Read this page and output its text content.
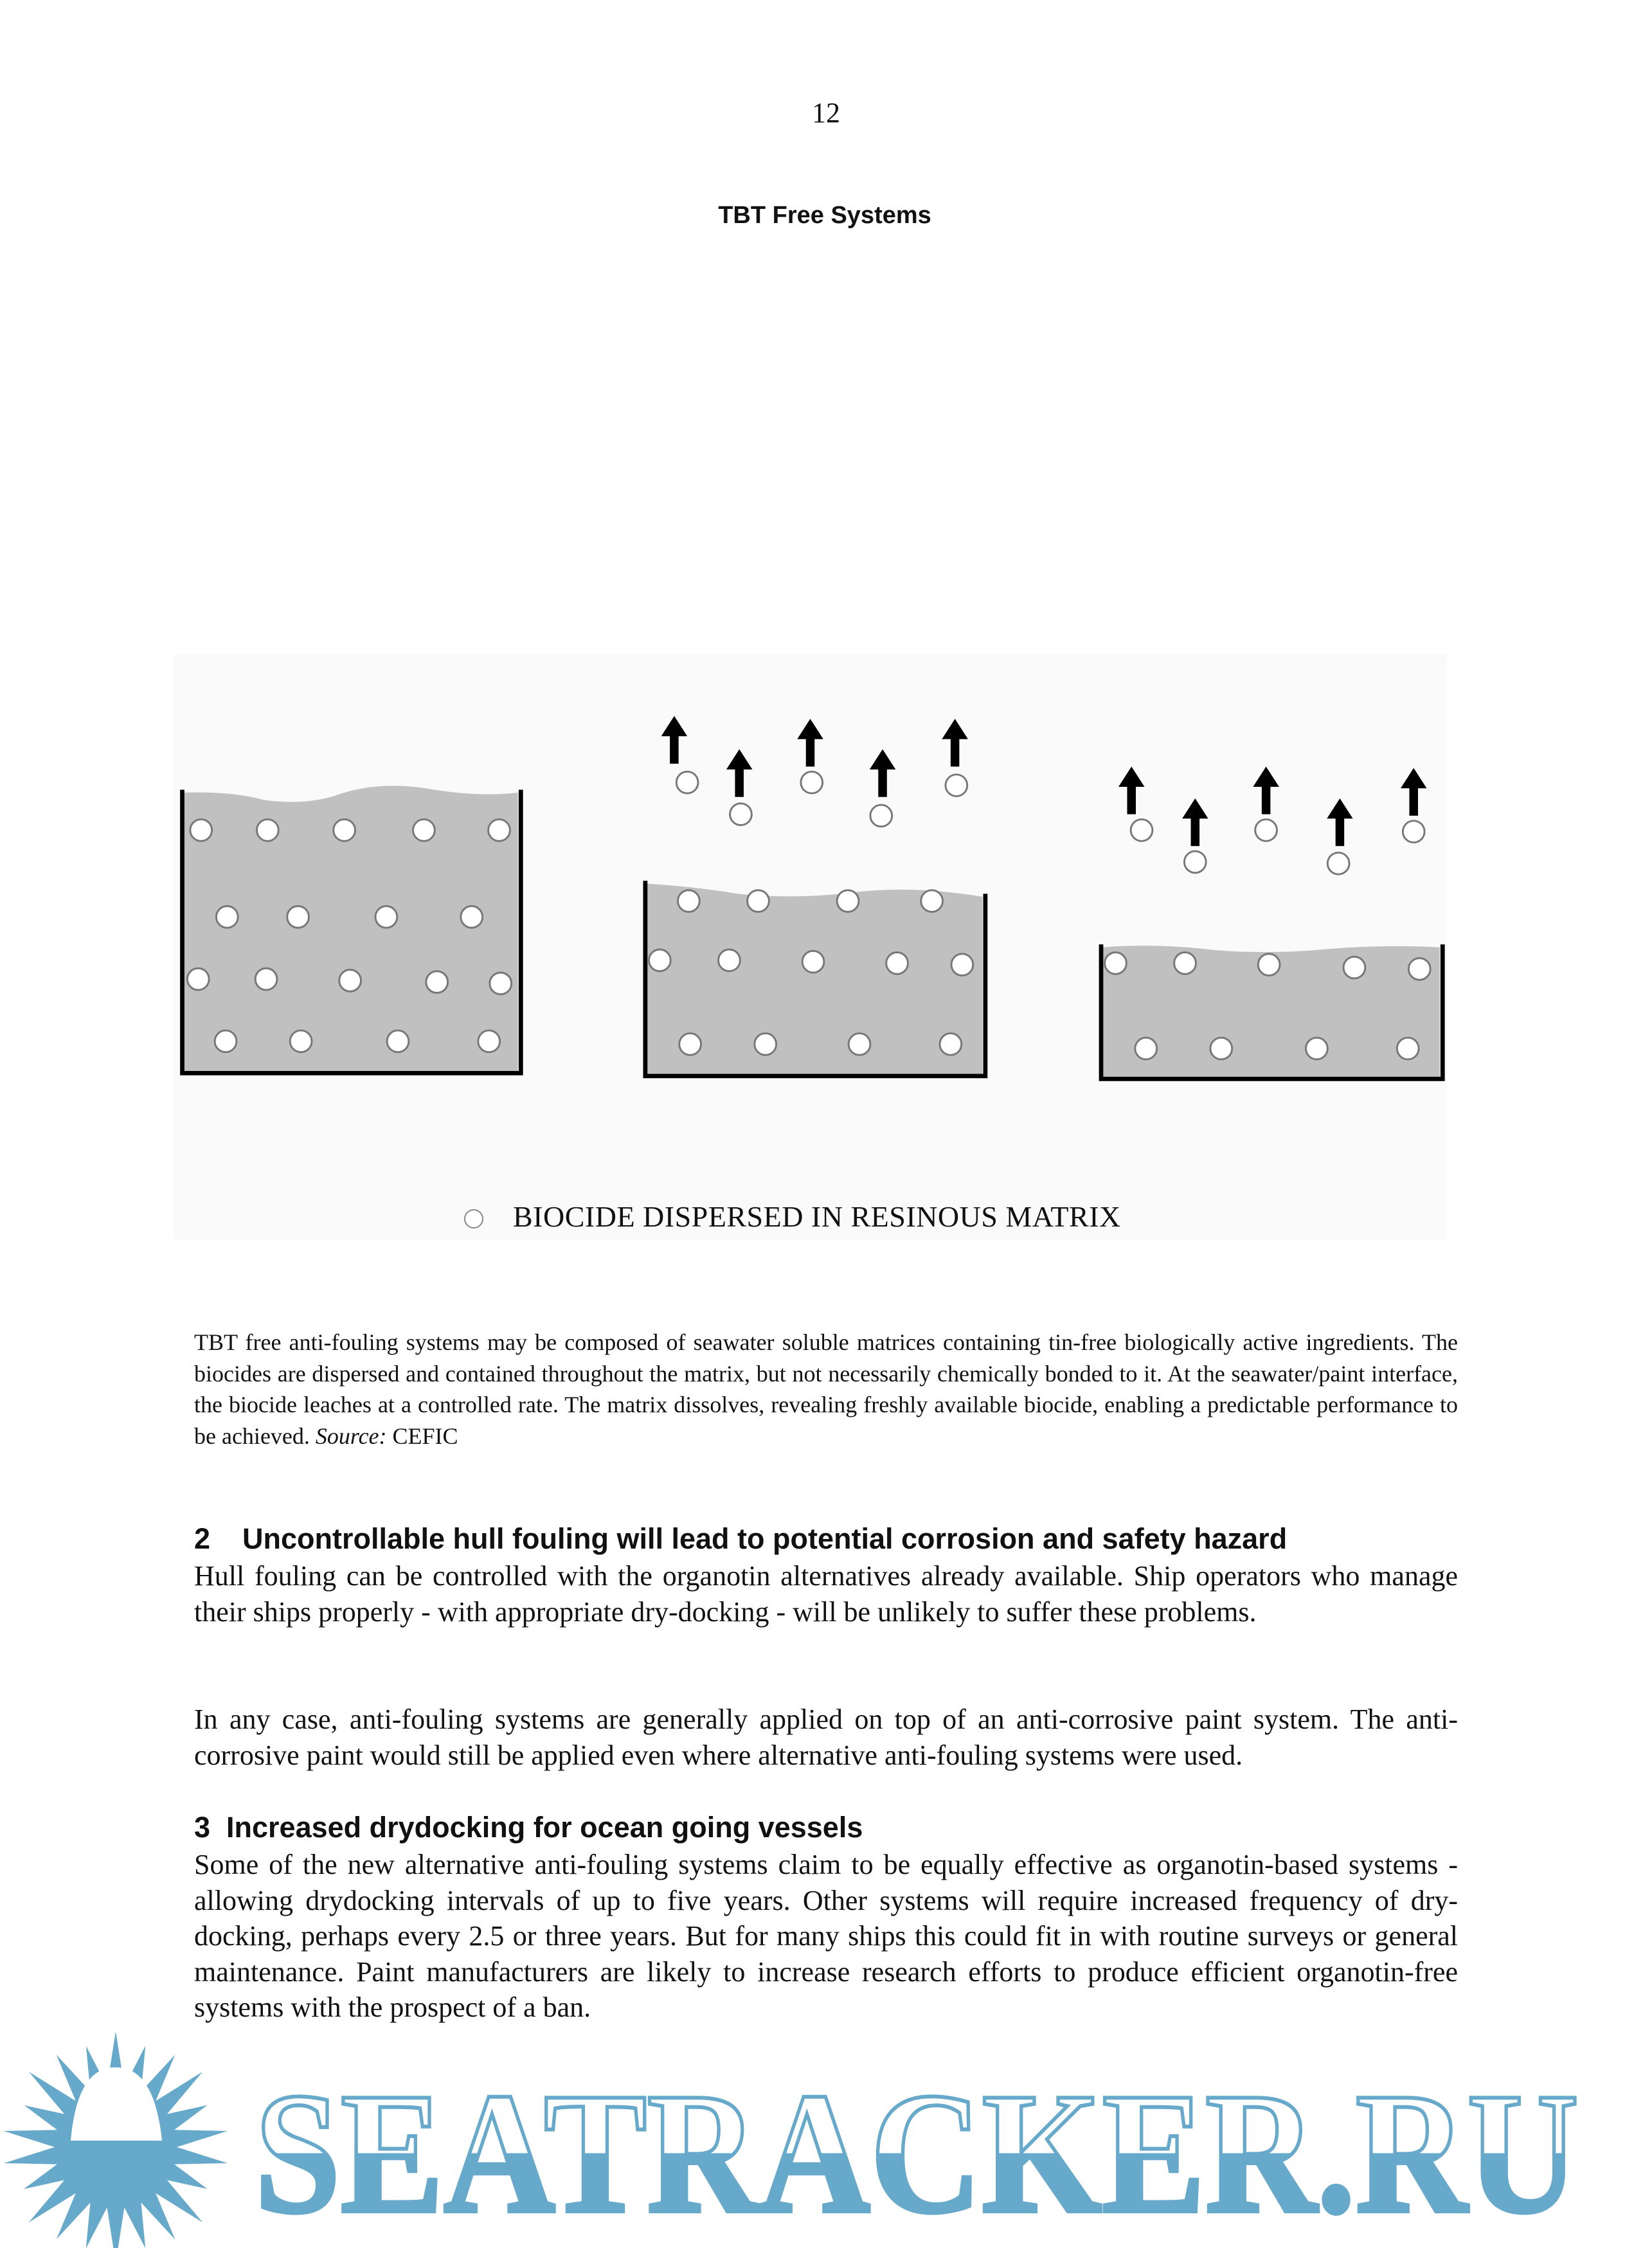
12
TBT Free Systems
BIOCIDE DISPERSED IN RESINOUS MATRIX
TBT free anti-fouling systems may be composed of seawater soluble matrices containing tin-free biologically active ingredients. The biocides are dispersed and contained throughout the matrix, but not necessarily chemically bonded to it. At the seawater/paint interface, the biocide leaches at a controlled rate. The matrix dissolves, revealing freshly available biocide, enabling a predictable performance to be achieved. Source: CEFIC
2    Uncontrollable hull fouling will lead to potential corrosion and safety hazard
Hull fouling can be controlled with the organotin alternatives already available. Ship operators who manage their ships properly - with appropriate dry-docking - will be unlikely to suffer these problems.
In any case, anti-fouling systems are generally applied on top of an anti-corrosive paint system. The anti-corrosive paint would still be applied even where alternative anti-fouling systems were used.
3  Increased drydocking for ocean going vessels
Some of the new alternative anti-fouling systems claim to be equally effective as organotin-based systems - allowing drydocking intervals of up to five years. Other systems will require increased frequency of dry-docking, perhaps every 2.5 or three years. But for many ships this could fit in with routine surveys or general maintenance. Paint manufacturers are likely to increase research efforts to produce efficient organotin-free systems with the prospect of a ban.
SEATRACKER.RU
